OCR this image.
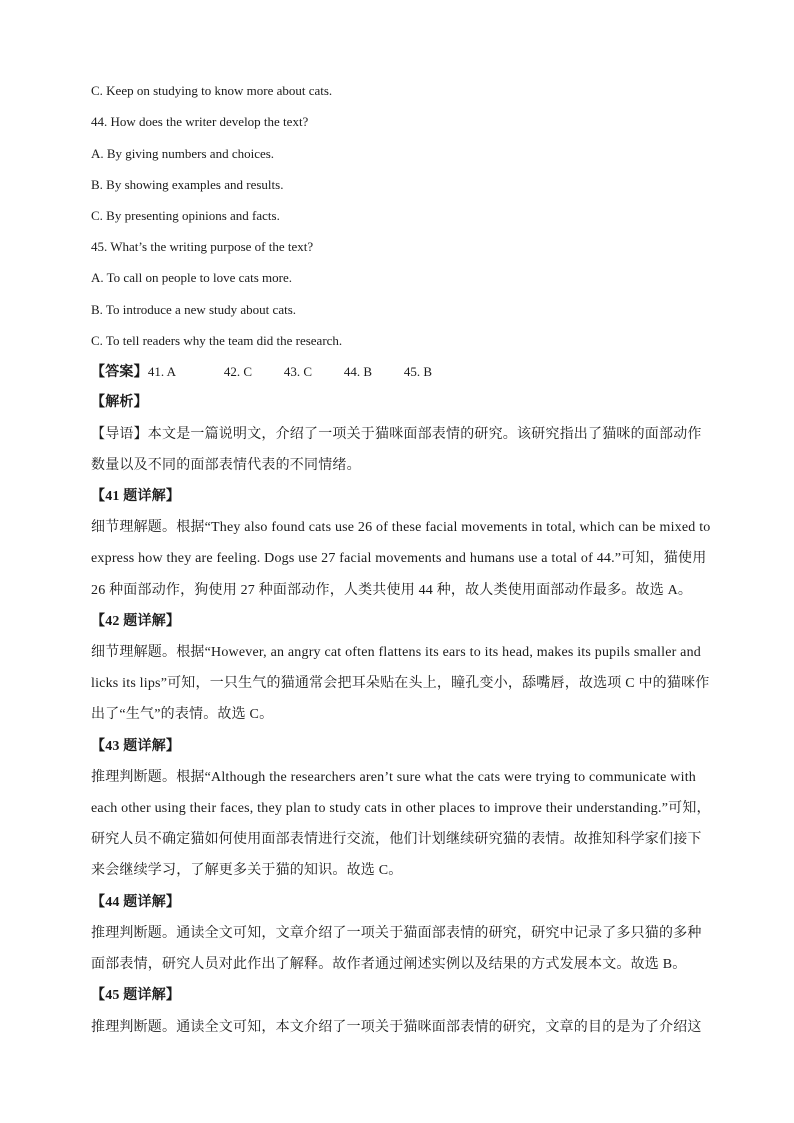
C. Keep on studying to know more about cats.
44. How does the writer develop the text?
A. By giving numbers and choices.
B. By showing examples and results.
C. By presenting opinions and facts.
45. What’s the writing purpose of the text?
A. To call on people to love cats more.
B. To introduce a new study about cats.
C. To tell readers why the team did the research.
【答案】41. A	42. C 43. C 44. B 45. B
【解析】
【导语】本文是一篇说明文，介绍了一项关于猫咪面部表情的研究。该研究指出了猫咪的面部动作
数量以及不同的面部表情代表的不同情绪。
【41 题详解】
细节理解题。根据“They also found cats use 26 of these facial movements in total, which can be mixed to
express how they are feeling. Dogs use 27 facial movements and humans use a total of 44.”可知，猫使用
26 种面部动作，狗使用 27 种面部动作，人类共使用 44 种，故人类使用面部动作最多。故选 A。
【42 题详解】
细节理解题。根据“However, an angry cat often flattens its ears to its head, makes its pupils smaller and
licks its lips”可知，一只生气的猫通常会把耳朵贴在头上，瞳孔变小，舔嘴唇，故选项 C 中的猫咪作
出了“生气”的表情。故选 C。
【43 题详解】
推理判断题。根据“Although the researchers aren’t sure what the cats were trying to communicate with
each other using their faces, they plan to study cats in other places to improve their understanding.”可知，
研究人员不确定猫如何使用面部表情进行交流，他们计划继续研究猫的表情。故推知科学家们接下
来会继续学习，了解更多关于猫的知识。故选 C。
【44 题详解】
推理判断题。通读全文可知，文章介绍了一项关于猫面部表情的研究，研究中记录了多只猫的多种
面部表情，研究人员对此作出了解释。故作者通过阐述实例以及结果的方式发展本文。故选 B。
【45 题详解】
推理判断题。通读全文可知，本文介绍了一项关于猫咪面部表情的研究，文章的目的是为了介绍这
